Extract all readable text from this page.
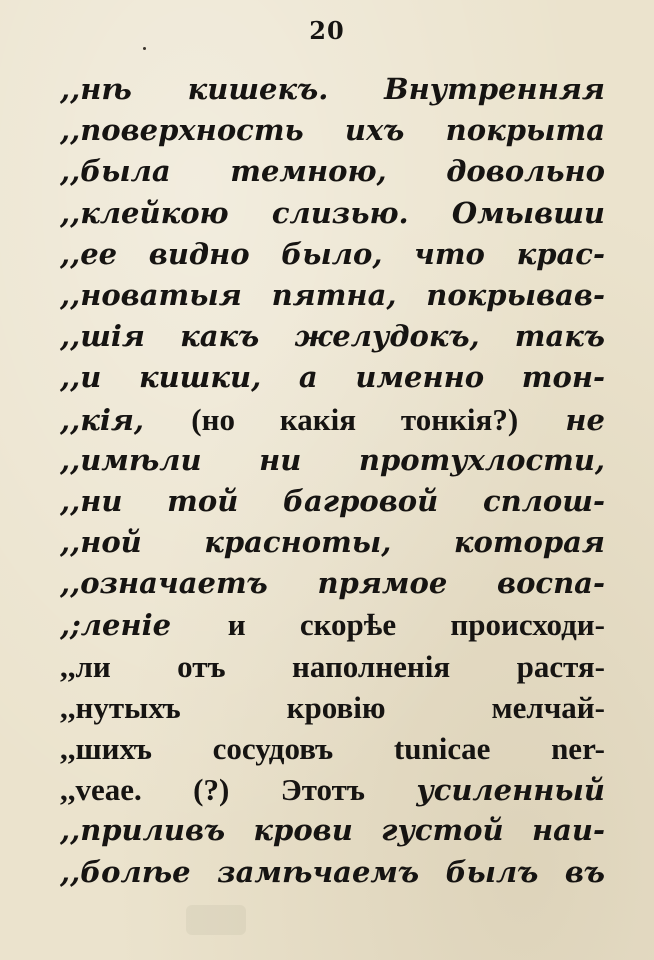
20
,,нѣ кишекъ. Внутренняя
,,поверхность ихъ покрыта
,,была темною, довольно
,,клейкою слизью. Омывши
,,ее видно было, что крас-
,,новатыя пятна, покрывав-
,,шія какъ желудокъ, такъ
,,и кишки, а именно тон-
,,кія, (но какія тонкія?) не
,,имѣли ни протухлости,
,,ни той багровой сплош-
,,ной красноты, которая
,,означаетъ прямое воспа-
,;леніе и скорѣе происходи-
,,ли отъ наполненія растя-
,,нутыхъ кровію мелчай-
,,шихъ сосудовъ tunicae ner-
,,veae. (?) Этотъ усиленный
,,приливъ крови густой наи-
,,болѣе замѣчаемъ былъ въ
